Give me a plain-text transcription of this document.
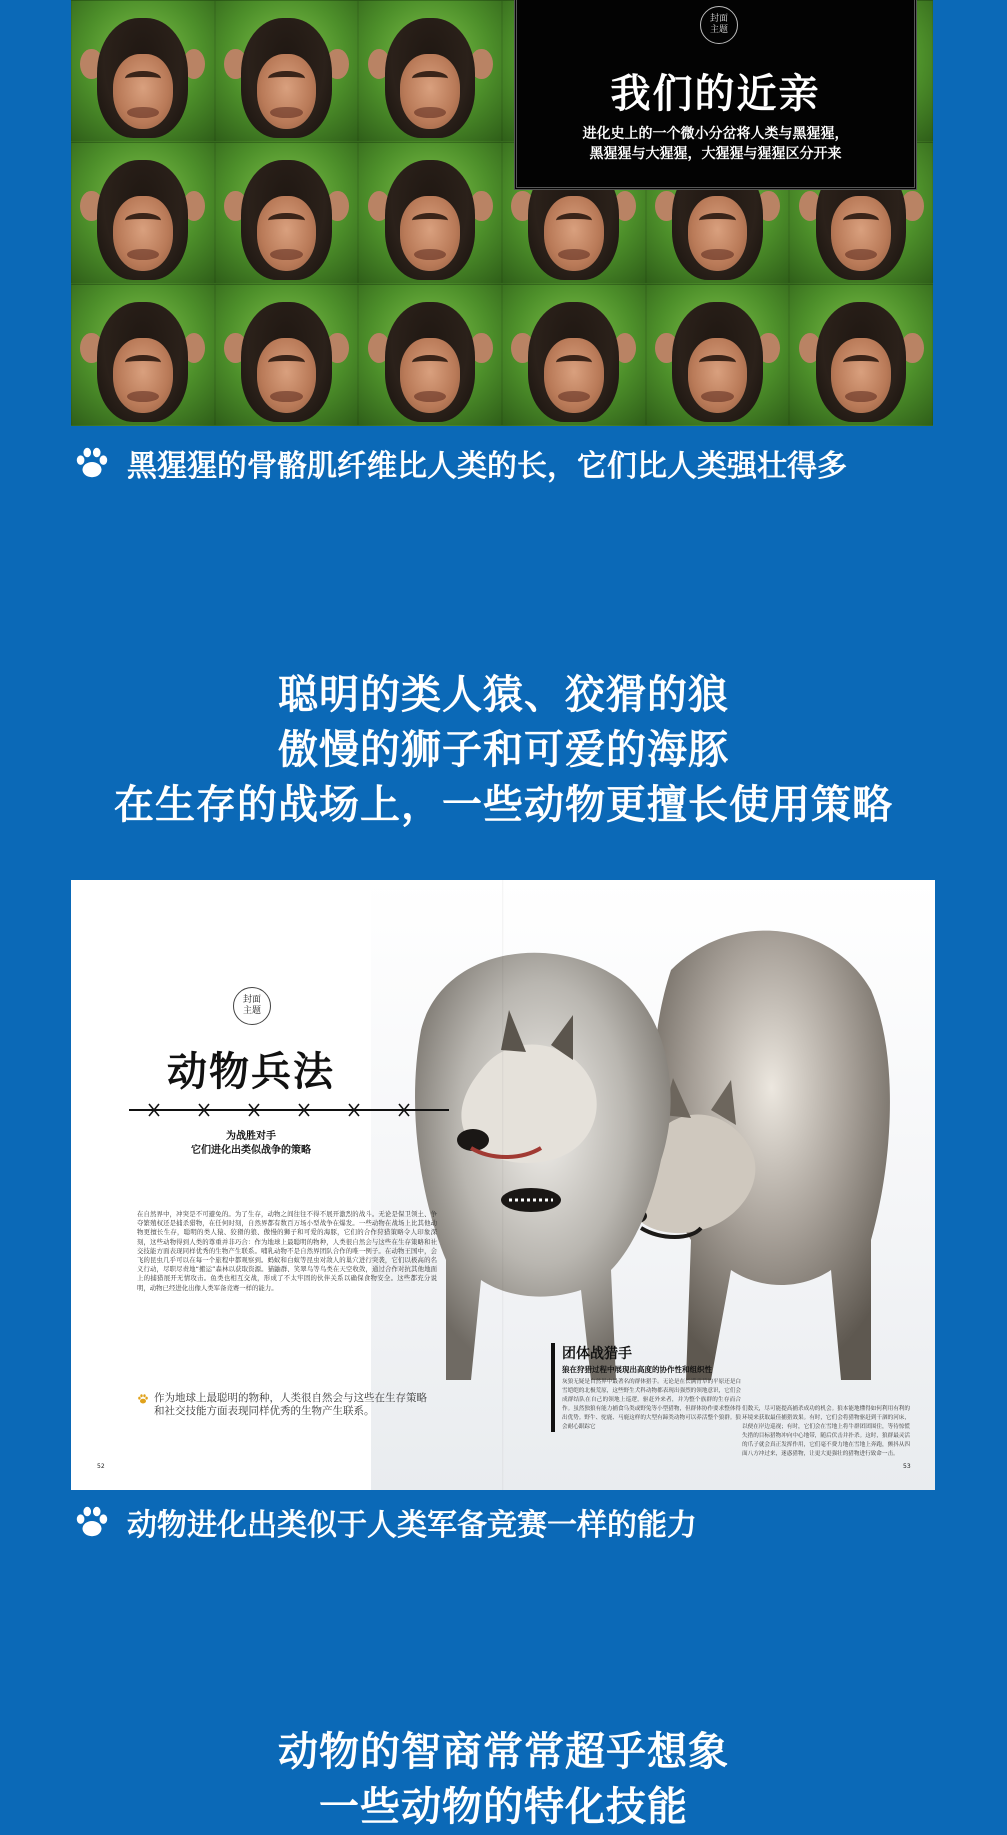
封面
主题
我们的近亲
进化史上的一个微小分岔将人类与黑猩猩，
黑猩猩与大猩猩，大猩猩与猩猩区分开来
黑猩猩的骨骼肌纤维比人类的长，它们比人类强壮得多
聪明的类人猿、狡猾的狼
傲慢的狮子和可爱的海豚
在生存的战场上，一些动物更擅长使用策略
封面
主题
动物兵法
为战胜对手
它们进化出类似战争的策略
在自然界中，冲突是不可避免的。为了生存，动物之间往往不得不展开激烈的战斗。无论是保卫领土、争夺繁殖权还是捕杀猎物，在任何时刻，自然界都有数百万场小型战争在爆发。一些动物在战场上比其他动物更擅长生存，聪明的类人猿、狡猾的狼、傲慢的狮子和可爱的海豚，它们的合作狩猎策略令人印象深刻，这些动物得到人类的尊重并非巧合：作为地球上最聪明的物种，人类很自然会与这些在生存策略和社交技能方面表现同样优秀的生物产生联系。哺乳动物不是自然界团队合作的唯一例子。在动物王国中，会飞的昆虫几乎可以在每一个旅程中都观察到。蚂蚁和白蚁等昆虫对敌人的巢穴进行突袭，它们以极高的名义行动，尽职尽责地“搬运”森林以获取资源。猫鼬群、笑翠鸟等鸟类在天空收敛，通过合作对抗其他地面上的捕猎展开无情攻击。鱼类也相互交战，形成了不太牢固的伙伴关系以确保食物安全。这些都充分说明，动物已经进化出像人类军备竞赛一样的能力。
作为地球上最聪明的物种，人类很自然会与这些在生存策略和社交技能方面表现同样优秀的生物产生联系。
团体战猎手
狼在狩猎过程中展现出高度的协作性和组织性
灰狼无疑是自然界中最著名的群体猎手。无论是在长满青草的平原还是白雪皑皑的北极荒原，这些野生犬科动物都表现出强烈的领地意识，它们会成群结队在自己的领地上巡逻，驱赶外来者，并为整个族群的生存而合作。虽然独狼有能力捕食乌类或野兔等小型猎物，但群体协作要求整体得出优势。野牛、驼鹿、马鹿这样的大型有蹄类动物可以养活整个狼群。狼会耐心跟踪它
们数天，尽可能提高捕杀成功的机会。狼本能地懂得如何利用有利的环境来获取最佳捕猎效果。有时，它们会将猎物驱赶到干涸的河床，以便在岸边巡视；有时，它们会在雪地上将牛群团团围住，等待惊慌失措的目标猎物冲向中心地带，随后伏击并扑杀。这时，狼群最灵活的爪子就会真正发挥作用，它们毫不费力地在雪地上奔跑，颤抖从四面八方冲过来，迷惑猎物，让更大更强壮的猎物进行致命一击。
52	53
动物进化出类似于人类军备竞赛一样的能力
动物的智商常常超乎想象
一些动物的特化技能
